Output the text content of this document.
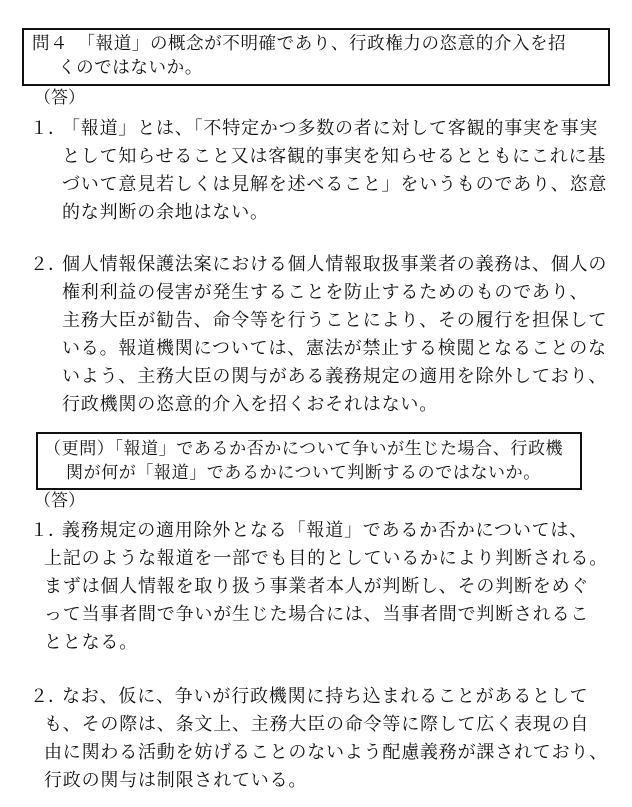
問４　「報道」の概念が不明確であり、行政権力の恣意的介入を招
くのではないか。
（答）
１．
「報道」とは、「不特定かつ多数の者に対して客観的事実を事実
として知らせること又は客観的事実を知らせるとともにこれに基
づいて意見若しくは見解を述べること」をいうものであり、恣意
的な判断の余地はない。
２．
個人情報保護法案における個人情報取扱事業者の義務は、個人の
権利利益の侵害が発生することを防止するためのものであり、
主務大臣が勧告、命令等を行うことにより、その履行を担保して
いる。報道機関については、憲法が禁止する検閲となることのな
いよう、主務大臣の関与がある義務規定の適用を除外しており、
行政機関の恣意的介入を招くおそれはない。
（更問）「報道」であるか否かについて争いが生じた場合、行政機
関が何が「報道」であるかについて判断するのではないか。
（答）
１．
義務規定の適用除外となる「報道」であるか否かについては、
上記のような報道を一部でも目的としているかにより判断される。
まずは個人情報を取り扱う事業者本人が判断し、その判断をめぐ
って当事者間で争いが生じた場合には、当事者間で判断されるこ
ととなる。
２．
なお、仮に、争いが行政機関に持ち込まれることがあるとして
も、その際は、条文上、主務大臣の命令等に際して広く表現の自
由に関わる活動を妨げることのないよう配慮義務が課されており、
行政の関与は制限されている。
